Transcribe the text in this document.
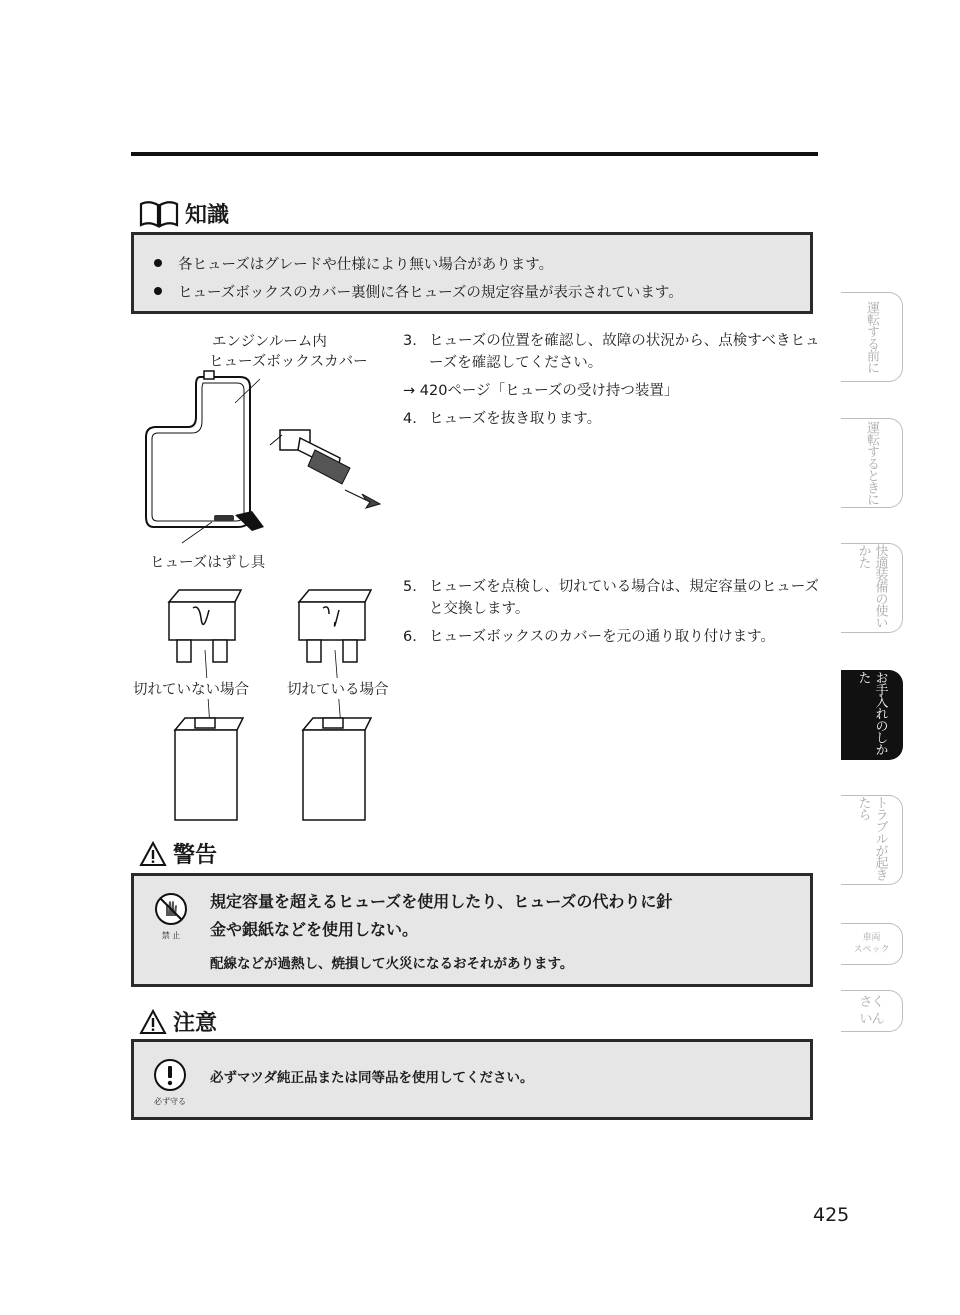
知識
各ヒューズはグレードや仕様により無い場合があります。
ヒューズボックスのカバー裏側に各ヒューズの規定容量が表示されています。
エンジンルーム内
ヒューズボックスカバー
ヒューズはずし具
3. ヒューズの位置を確認し、故障の状況から、点検すべきヒューズを確認してください。
→ 420ページ「ヒューズの受け持つ装置」
4. ヒューズを抜き取ります。
5. ヒューズを点検し、切れている場合は、規定容量のヒューズと交換します。
6. ヒューズボックスのカバーを元の通り取り付けます。
切れていない場合	切れている場合
警告
禁 止
規定容量を超えるヒューズを使用したり、ヒューズの代わりに針
金や銀紙などを使用しない。
配線などが過熱し、焼損して火災になるおそれがあります。
注意
必ず守る
必ずマツダ純正品または同等品を使用してください。
運転する前に
運転するときに
快適装備の使いかた
お手入れのしかた
トラブルが起きたら
車両
スペック
さくいん
425
